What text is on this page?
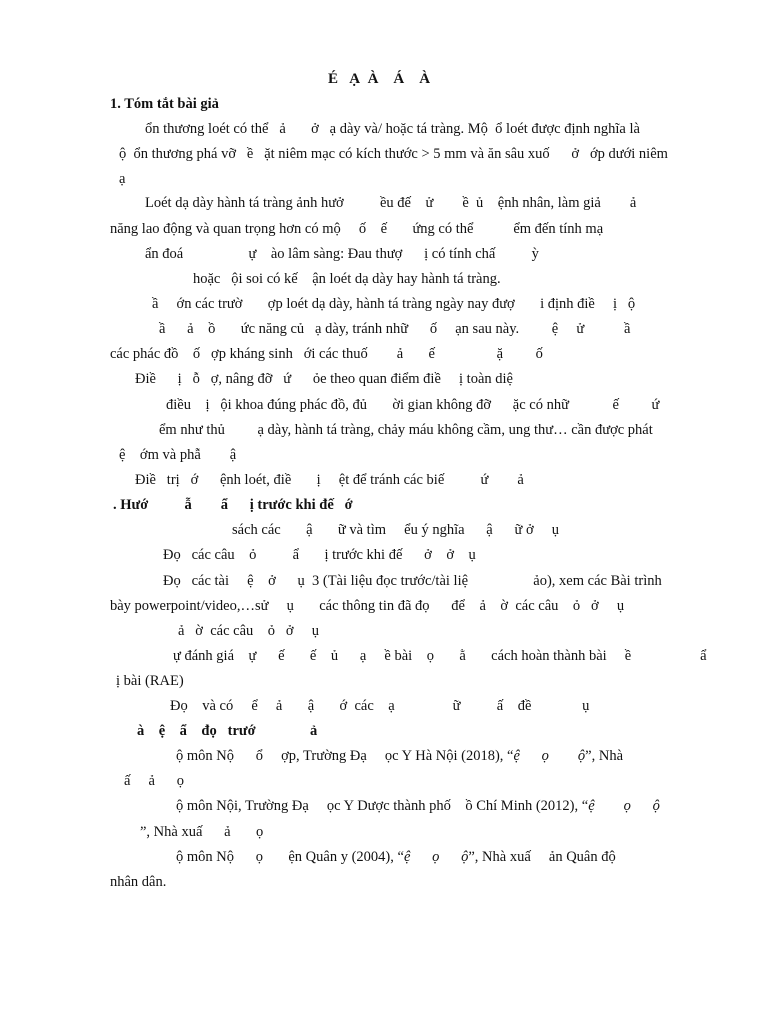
É   Ạ  À    Á    À
1. Tóm tắt bài giả
ổn thương loét có thể   ả       ở   ạ dày và/ hoặc tá tràng. Mộ  ổ loét được định nghĩa là
ộ  ổn thương phá vỡ   ề   ặt niêm mạc có kích thước > 5 mm và ăn sâu xuố      ở   ớp dưới niêm
ạ
Loét dạ dày hành tá tràng ảnh hưở          ều đế    ử        ề  ủ    ệnh nhân, làm giả        ả
năng lao động và quan trọng hơn có mộ     ố    ế       ứng có thể           ểm đến tính mạ
ẩn đoá                  ự    ào lâm sàng: Đau thượ      ị có tính chấ          ỳ
hoặc   ội soi có kế    ận loét dạ dày hay hành tá tràng.
ầ     ớn các trườ       ợp loét dạ dày, hành tá tràng ngày nay đượ       i định điề     ị   ộ
ầ      ả    ồ       ức năng củ   ạ dày, tránh nhữ      ố     ạn sau này.         ệ     ử           ầ
các phác đồ    ố   ợp kháng sinh   ới các thuố        ả       ế                 ặ         ố
Điề      ị   ỗ   ợ, nâng đỡ   ứ      ỏe theo quan điểm điề     ị toàn diệ
điều    ị   ội khoa đúng phác đồ, đủ       ời gian không đỡ      ặc có nhữ            ế         ứ
ểm như thủ         ạ dày, hành tá tràng, chảy máu không cầm, ung thư… cần được phát
ệ    ớm và phẫ        ậ
Điề   trị   ớ      ệnh loét, điề       ị     ệt để tránh các biế          ứ        ả
. Hướ          ẫ        ẩ      ị trước khi đế   ớ
sách các       ậ       ữ và tìm     ểu ý nghĩa      ậ      ữ ở     ụ
Đọ   các câu    ỏ          ẩ       ị trước khi đế      ở    ở    ụ
Đọ   các tài     ệ    ở      ụ  3 (Tài liệu đọc trước/tài liệ                  ảo), xem các Bài trình
bày powerpoint/video,…sử     ụ       các thông tin đã đọ      để    ả    ờ  các câu    ỏ   ở     ụ
ả   ờ  các câu    ỏ   ở     ụ
ự đánh giá    ự      ế       ế    ủ      ạ     ề bài    ọ       ằ       cách hoàn thành bài     ề                   ẩ
ị bài (RAE)
Đọ    và có     ể     ả       ậ       ớ  các    ạ                ữ          ấ    đề              ụ
à    ệ    ẩ    đọ   trướ               ả
ộ môn Nộ      ổ     ợp, Trường Đạ     ọc Y Hà Nội (2018), “ệ      ọ        ộ”, Nhà
ấ     ả      ọ
ộ môn Nội, Trường Đạ     ọc Y Dược thành phố    ồ Chí Minh (2012), “ệ        ọ      ộ
”, Nhà xuấ      ả       ọ
ộ môn Nộ      ọ       ện Quân y (2004), “ệ      ọ      ộ”, Nhà xuấ     ản Quân độ
nhân dân.
